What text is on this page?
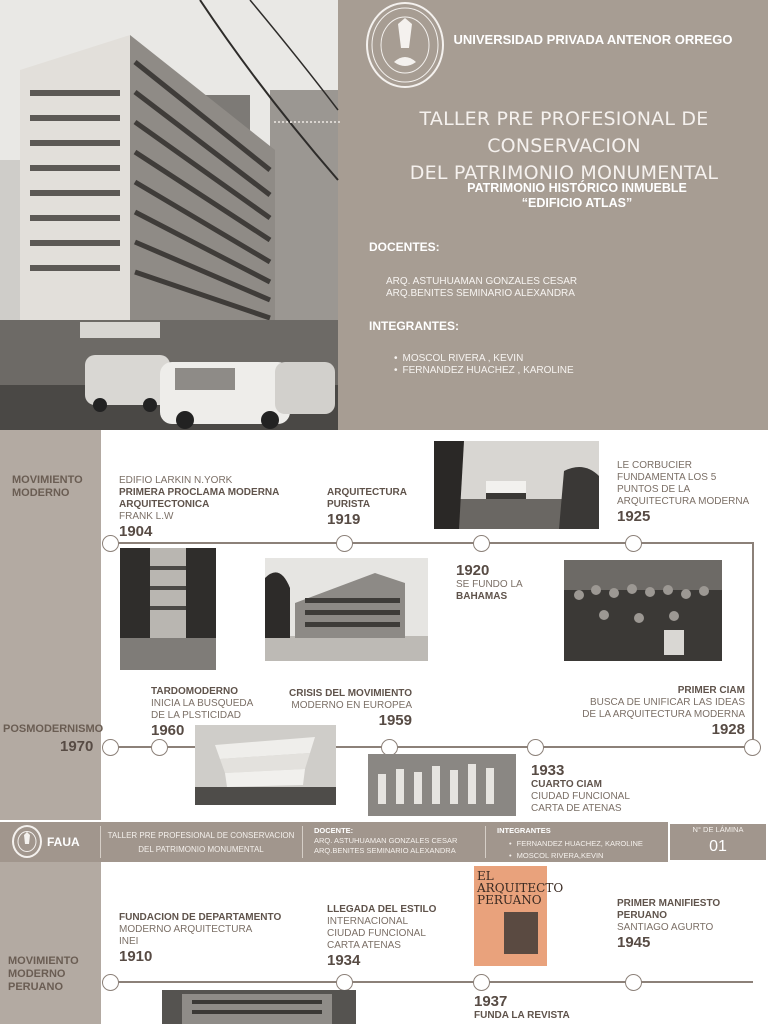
UNIVERSIDAD PRIVADA ANTENOR ORREGO
TALLER PRE PROFESIONAL DE CONSERVACION
DEL PATRIMONIO MONUMENTAL
PATRIMONIO HISTÓRICO INMUEBLE
“EDIFICIO ATLAS”
DOCENTES:
ARQ. ASTUHUAMAN GONZALES CESAR
ARQ.BENITES SEMINARIO ALEXANDRA
INTEGRANTES:
• MOSCOL RIVERA , KEVIN
• FERNANDEZ HUACHEZ , KAROLINE
MOVIMIENTO MODERNO
POSMODERNISMO
EDIFIO LARKIN N.YORK
PRIMERA PROCLAMA MODERNA
ARQUITECTONICA
FRANK L.W
1904
ARQUITECTURA
PURISTA
1919
LE CORBUCIER
FUNDAMENTA LOS 5
PUNTOS DE LA
ARQUITECTURA MODERNA
1925
1920
SE FUNDO LA
BAHAMAS
PRIMER CIAM
BUSCA DE UNIFICAR LAS IDEAS
DE LA ARQUITECTURA MODERNA
1928
CRISIS DEL MOVIMIENTO
MODERNO EN EUROPEA
1959
TARDOMODERNO
INICIA LA BUSQUEDA
DE LA PLSTICIDAD
1960
1970
1933
CUARTO CIAM
CIUDAD FUNCIONAL
CARTA DE ATENAS
FAUA	TALLER PRE PROFESIONAL DE CONSERVACION
DEL PATRIMONIO MONUMENTAL
DOCENTE:
ARQ. ASTUHUAMAN GONZALES CESAR
ARQ.BENITES SEMINARIO ALEXANDRA
INTEGRANTES
• FERNANDEZ HUACHEZ, KAROLINE
• MOSCOL RIVERA,KEVIN
N° DE LÁMINA
01
MOVIMIENTO MODERNO PERUANO
FUNDACION DE DEPARTAMENTO
MODERNO ARQUITECTURA
INEI
1910
LLEGADA DEL ESTILO
INTERNACIONAL
CIUDAD FUNCIONAL
CARTA ATENAS
1934
EL
ARQUITECTO
PERUANO
1937
FUNDA LA REVISTA
PRIMER MANIFIESTO
PERUANO
SANTIAGO AGURTO
1945
